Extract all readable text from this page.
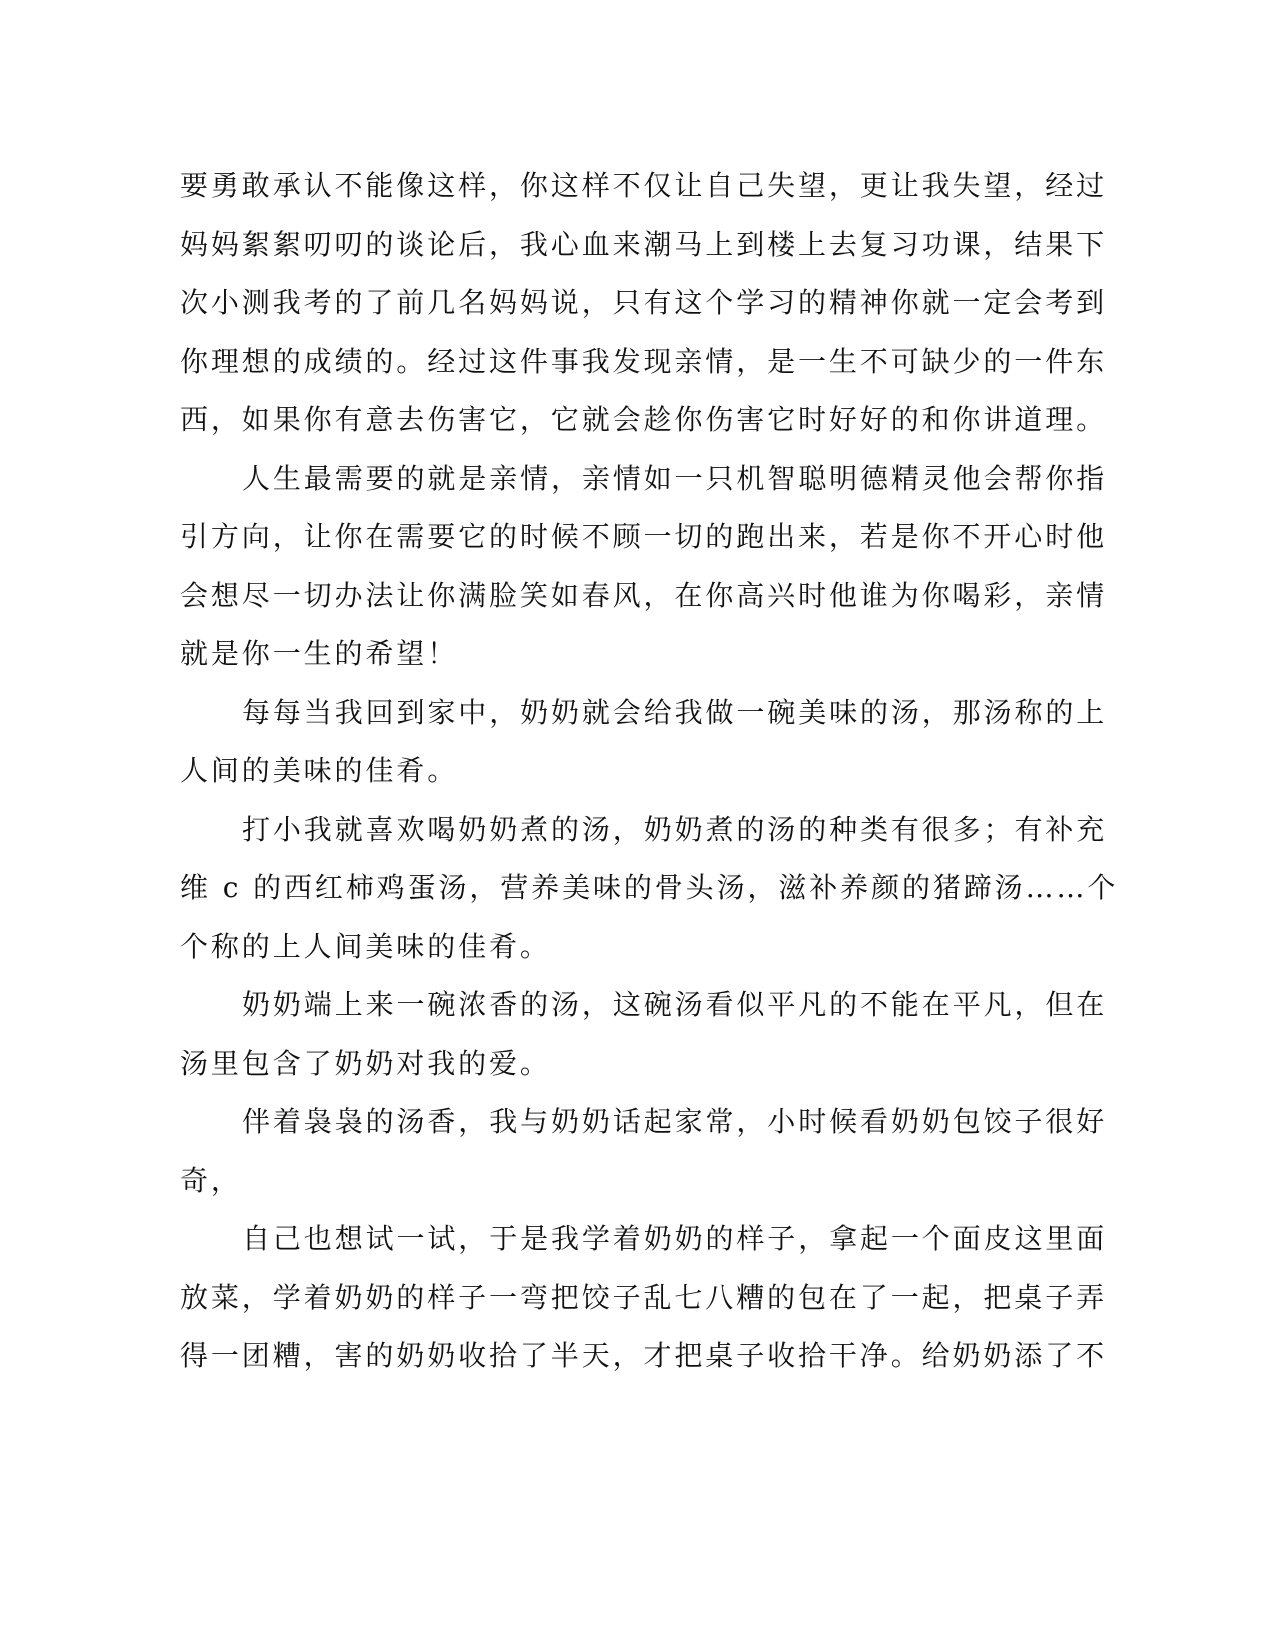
要勇敢承认不能像这样，你这样不仅让自己失望，更让我失望，经过
妈妈絮絮叨叨的谈论后，我心血来潮马上到楼上去复习功课，结果下
次小测我考的了前几名妈妈说，只有这个学习的精神你就一定会考到
你理想的成绩的。经过这件事我发现亲情，是一生不可缺少的一件东
西，如果你有意去伤害它，它就会趁你伤害它时好好的和你讲道理。
人生最需要的就是亲情，亲情如一只机智聪明德精灵他会帮你指
引方向，让你在需要它的时候不顾一切的跑出来，若是你不开心时他
会想尽一切办法让你满脸笑如春风，在你高兴时他谁为你喝彩，亲情
就是你一生的希望！
每每当我回到家中，奶奶就会给我做一碗美味的汤，那汤称的上
人间的美味的佳肴。
打小我就喜欢喝奶奶煮的汤，奶奶煮的汤的种类有很多；有补充
维 c 的西红柿鸡蛋汤，营养美味的骨头汤，滋补养颜的猪蹄汤……个
个称的上人间美味的佳肴。
奶奶端上来一碗浓香的汤，这碗汤看似平凡的不能在平凡，但在
汤里包含了奶奶对我的爱。
伴着袅袅的汤香，我与奶奶话起家常，小时候看奶奶包饺子很好
奇，
自己也想试一试，于是我学着奶奶的样子，拿起一个面皮这里面
放菜，学着奶奶的样子一弯把饺子乱七八糟的包在了一起，把桌子弄
得一团糟，害的奶奶收拾了半天，才把桌子收拾干净。给奶奶添了不
